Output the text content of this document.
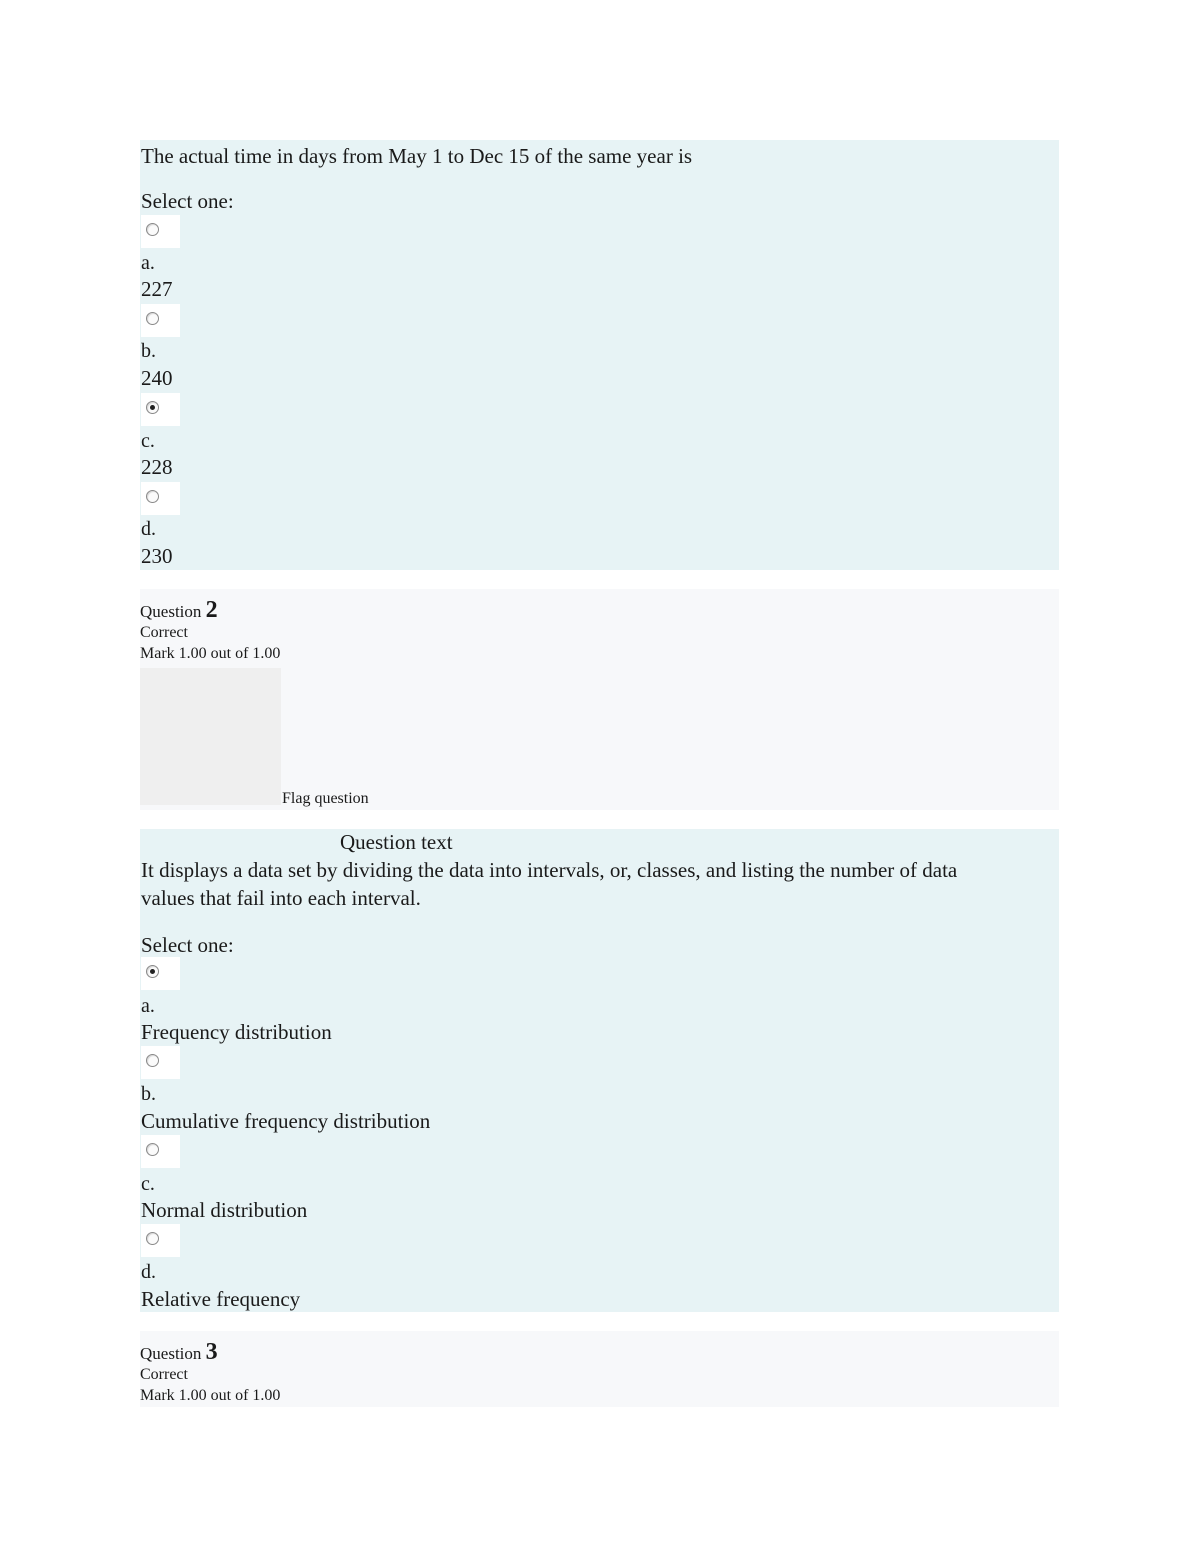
The actual time in days from May 1 to Dec 15 of the same year is
Select one:
a.
227
b.
240
c.
228
d.
230
Question 2
Correct
Mark 1.00 out of 1.00
Flag question
Question text
It displays a data set by dividing the data into intervals, or, classes, and listing the number of data
values that fail into each interval.
Select one:
a.
Frequency distribution
b.
Cumulative frequency distribution
c.
Normal distribution
d.
Relative frequency
Question 3
Correct
Mark 1.00 out of 1.00
